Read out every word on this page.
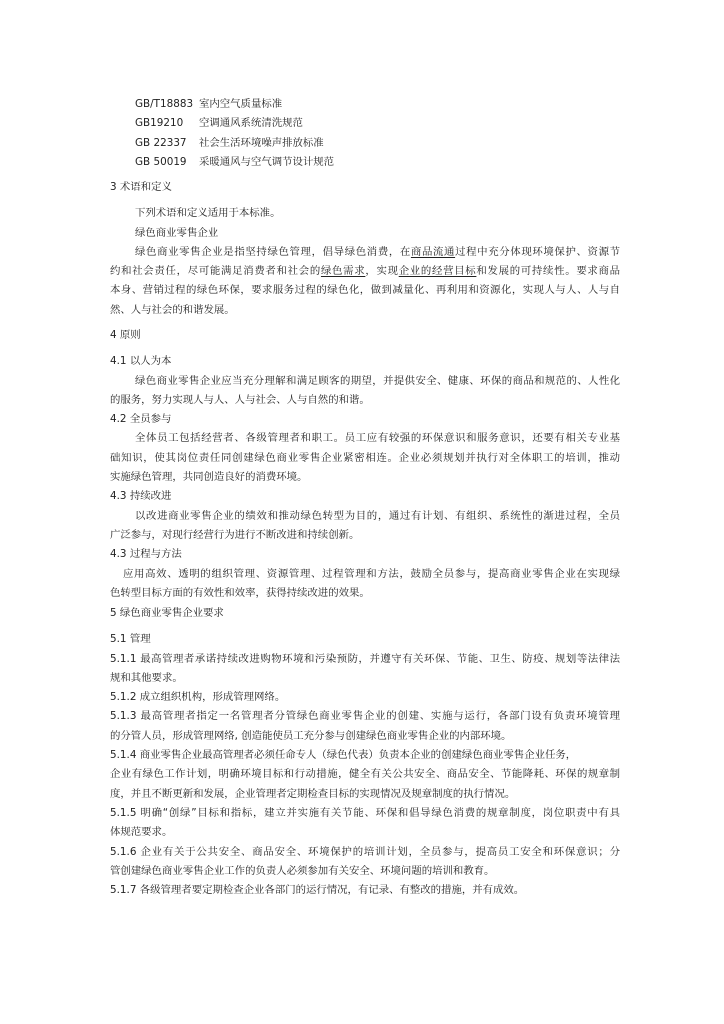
GB/T18883 室内空气质量标准
GB19210 空调通风系统清洗规范
GB 22337 社会生活环境噪声排放标准
GB 50019 采暖通风与空气调节设计规范
3 术语和定义
下列术语和定义适用于本标准。
绿色商业零售企业
绿色商业零售企业是指坚持绿色管理，倡导绿色消费，在商品流通过程中充分体现环境保护、资源节
约和社会责任，尽可能满足消费者和社会的绿色需求，实现企业的经营目标和发展的可持续性。要求商品
本身、营销过程的绿色环保，要求服务过程的绿色化，做到减量化、再利用和资源化，实现人与人、人与自
然、人与社会的和谐发展。
4 原则
4.1 以人为本
绿色商业零售企业应当充分理解和满足顾客的期望，并提供安全、健康、环保的商品和规范的、人性化
的服务，努力实现人与人、人与社会、人与自然的和谐。
4.2 全员参与
全体员工包括经营者、各级管理者和职工。员工应有较强的环保意识和服务意识，还要有相关专业基
础知识，使其岗位责任同创建绿色商业零售企业紧密相连。企业必须规划并执行对全体职工的培训，推动
实施绿色管理，共同创造良好的消费环境。
4.3 持续改进
以改进商业零售企业的绩效和推动绿色转型为目的，通过有计划、有组织、系统性的渐进过程，全员
广泛参与，对现行经营行为进行不断改进和持续创新。
4.3 过程与方法
应用高效、透明的组织管理、资源管理、过程管理和方法，鼓励全员参与，提高商业零售企业在实现绿
色转型目标方面的有效性和效率，获得持续改进的效果。
5 绿色商业零售企业要求
5.1 管理
5.1.1 最高管理者承诺持续改进购物环境和污染预防，并遵守有关环保、节能、卫生、防疫、规划等法律法
规和其他要求。
5.1.2 成立组织机构，形成管理网络。
5.1.3 最高管理者指定一名管理者分管绿色商业零售企业的创建、实施与运行，各部门设有负责环境管理
的分管人员，形成管理网络, 创造能使员工充分参与创建绿色商业零售企业的内部环境。
5.1.4 商业零售企业最高管理者必须任命专人（绿色代表）负责本企业的创建绿色商业零售企业任务，
企业有绿色工作计划，明确环境目标和行动措施，健全有关公共安全、商品安全、节能降耗、环保的规章制
度，并且不断更新和发展，企业管理者定期检查目标的实现情况及规章制度的执行情况。
5.1.5 明确“创绿”目标和指标，建立并实施有关节能、环保和倡导绿色消费的规章制度，岗位职责中有具
体规范要求。
5.1.6 企业有关于公共安全、商品安全、环境保护的培训计划，全员参与，提高员工安全和环保意识；分
管创建绿色商业零售企业工作的负责人必须参加有关安全、环境问题的培训和教育。
5.1.7 各级管理者要定期检查企业各部门的运行情况，有记录、有整改的措施，并有成效。
